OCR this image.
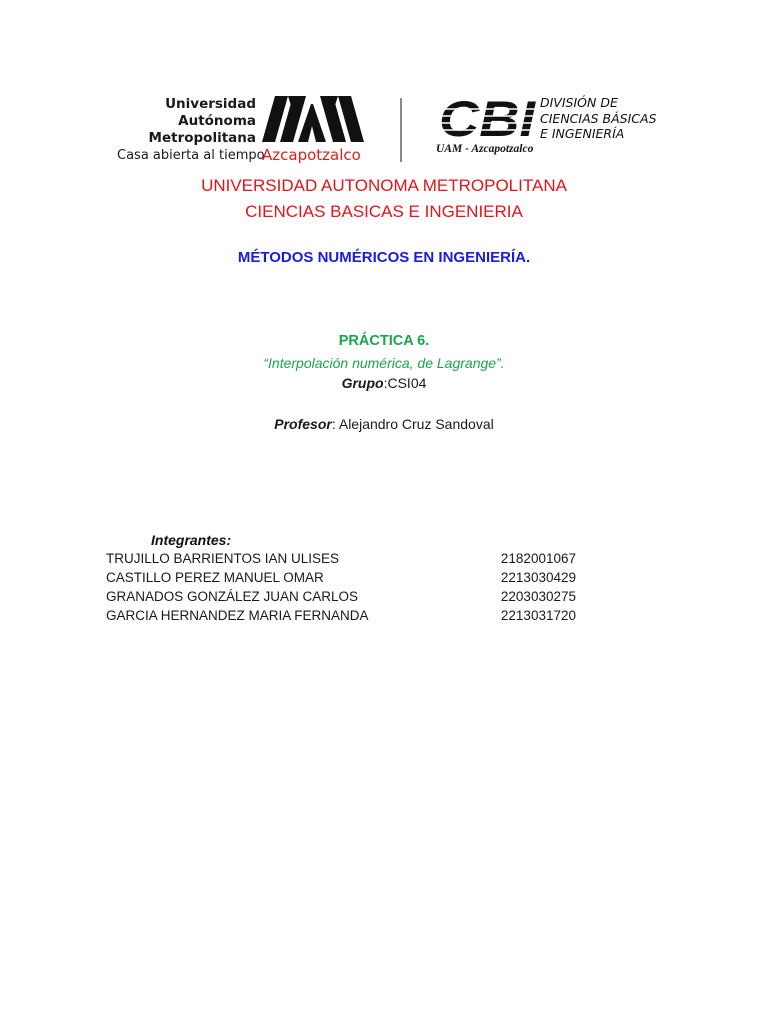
Universidad
Autónoma
Metropolitana
Casa abierta al tiempo
Azcapotzalco
CBI
UAM - Azcapotzalco
DIVISIÓN DE
CIENCIAS BÁSICAS
E INGENIERÍA
UNIVERSIDAD AUTONOMA METROPOLITANA
CIENCIAS BASICAS E INGENIERIA
MÉTODOS NUMÉRICOS EN INGENIERÍA.
PRÁCTICA 6.
“Interpolación numérica, de Lagrange”.
Grupo:CSI04
Profesor: Alejandro Cruz Sandoval
Integrantes:
TRUJILLO BARRIENTOS IAN ULISES	2182001067
CASTILLO PEREZ MANUEL OMAR	2213030429
GRANADOS GONZÁLEZ JUAN CARLOS	2203030275
GARCIA HERNANDEZ MARIA FERNANDA	2213031720
